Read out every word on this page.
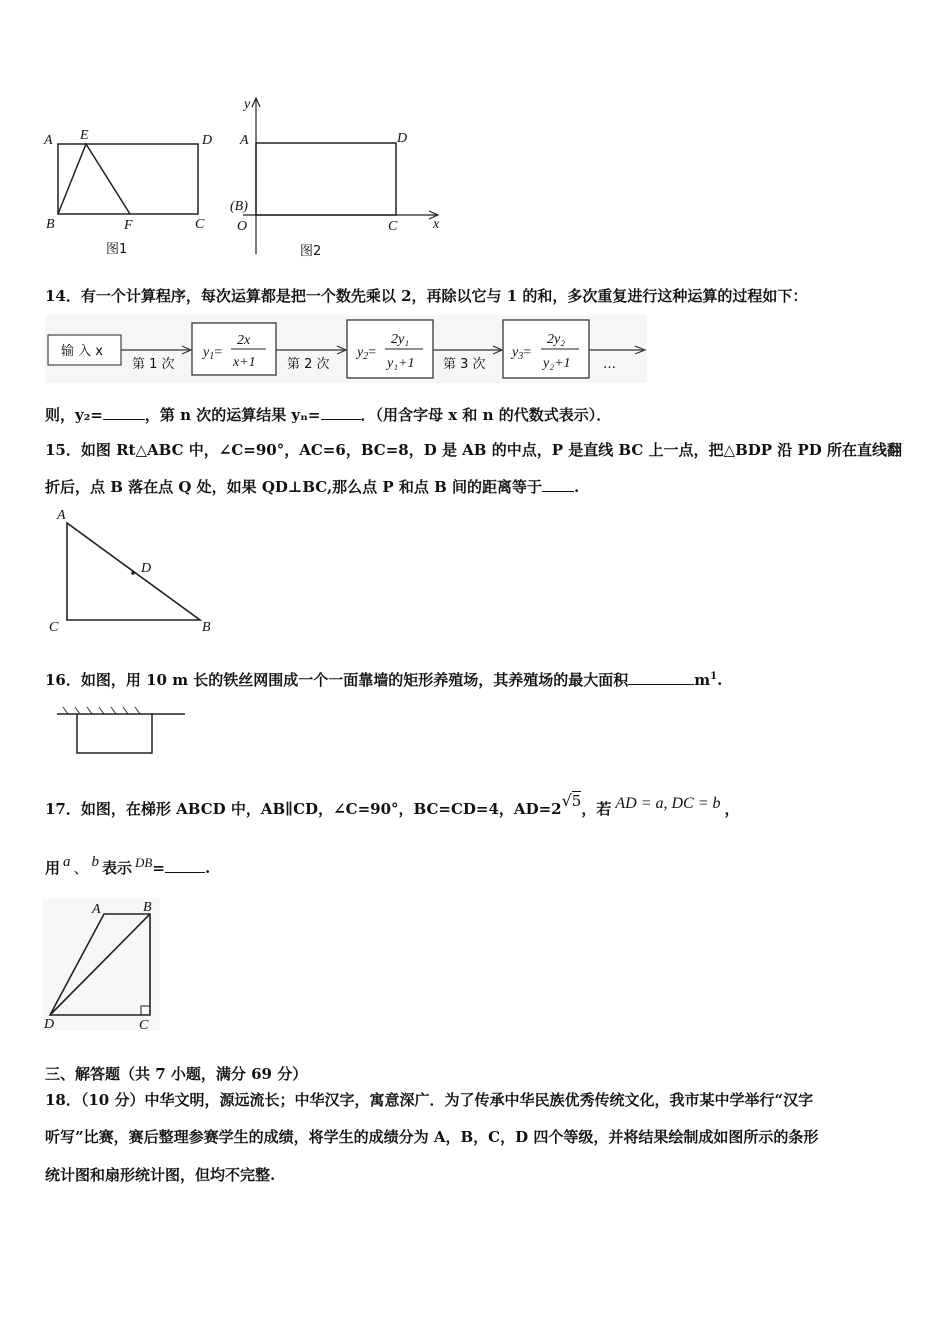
A E	D
B	F	C
图1
y
A	D
(B)
O	C	x
图2
14．有一个计算程序，每次运算都是把一个数先乘以 2，再除以它与 1 的和，多次重复进行这种运算的过程如下：
输 入 x
第 1 次
$y_1=$
2x
x+1 第 2 次
$y_2=$
2y₁
y₁+1 第 3 次
$y_3=$
2y₂
y₂+1 …
则，y₂=	，第 n 次的运算结果 yₙ=	．（用含字母 x 和 n 的代数式表示）．
15．如图 Rt△ABC 中，∠C=90°，AC=6，BC=8，D 是 AB 的中点，P 是直线 BC 上一点，把△BDP 沿 PD 所在直线翻
折后，点 B 落在点 Q 处，如果 QD⊥BC,那么点 P 和点 B 间的距离等于 .
A
D
C	B
16．如图，用 10 m 长的铁丝网围成一个一面靠墙的矩形养殖场，其养殖场的最大面积	$m^1$.
17．如图，在梯形 ABCD 中，AB∥CD，∠C=90°，BC=CD=4，AD=2√5，若 AD = a, DC = b ，
用 a 、 b 表示 DB=	.
A	B
D	C
三、解答题（共 7 小题，满分 69 分）
18．（10 分）中华文明，源远流长；中华汉字，寓意深广．为了传承中华民族优秀传统文化，我市某中学举行“汉字
听写”比赛，赛后整理参赛学生的成绩，将学生的成绩分为 A，B，C，D 四个等级，并将结果绘制成如图所示的条形
统计图和扇形统计图，但均不完整.
